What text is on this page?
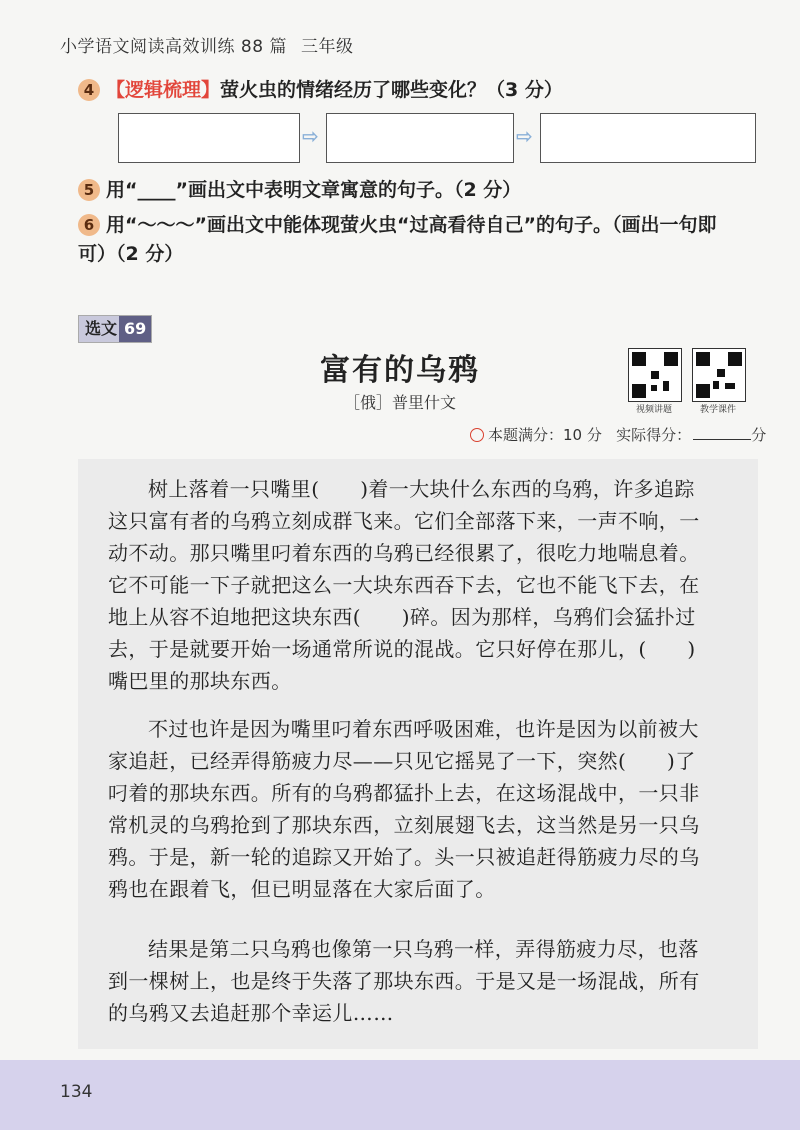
小学语文阅读高效训练 88 篇 三年级
4 【逻辑梳理】萤火虫的情绪经历了哪些变化？（3 分）
⇨	⇨
5 用“____”画出文中表明文章寓意的句子。（2 分）
6 用“～～～”画出文中能体现萤火虫“过高看待自己”的句子。（画出一句即
可）（2 分）
选文 69
富有的乌鸦
［俄］普里什文	视频讲题	教学课件
本题满分：10 分 实际得分：	分
树上落着一只嘴里(　　)着一大块什么东西的乌鸦，许多追踪
这只富有者的乌鸦立刻成群飞来。它们全部落下来，一声不响，一
动不动。那只嘴里叼着东西的乌鸦已经很累了，很吃力地喘息着。
它不可能一下子就把这么一大块东西吞下去，它也不能飞下去，在
地上从容不迫地把这块东西(　　)碎。因为那样，乌鸦们会猛扑过
去，于是就要开始一场通常所说的混战。它只好停在那儿，(　　)
嘴巴里的那块东西。
不过也许是因为嘴里叼着东西呼吸困难，也许是因为以前被大
家追赶，已经弄得筋疲力尽——只见它摇晃了一下，突然(　　)了
叼着的那块东西。所有的乌鸦都猛扑上去，在这场混战中，一只非
常机灵的乌鸦抢到了那块东西，立刻展翅飞去，这当然是另一只乌
鸦。于是，新一轮的追踪又开始了。头一只被追赶得筋疲力尽的乌
鸦也在跟着飞，但已明显落在大家后面了。
结果是第二只乌鸦也像第一只乌鸦一样，弄得筋疲力尽，也落
到一棵树上，也是终于失落了那块东西。于是又是一场混战，所有
的乌鸦又去追赶那个幸运儿……
134
